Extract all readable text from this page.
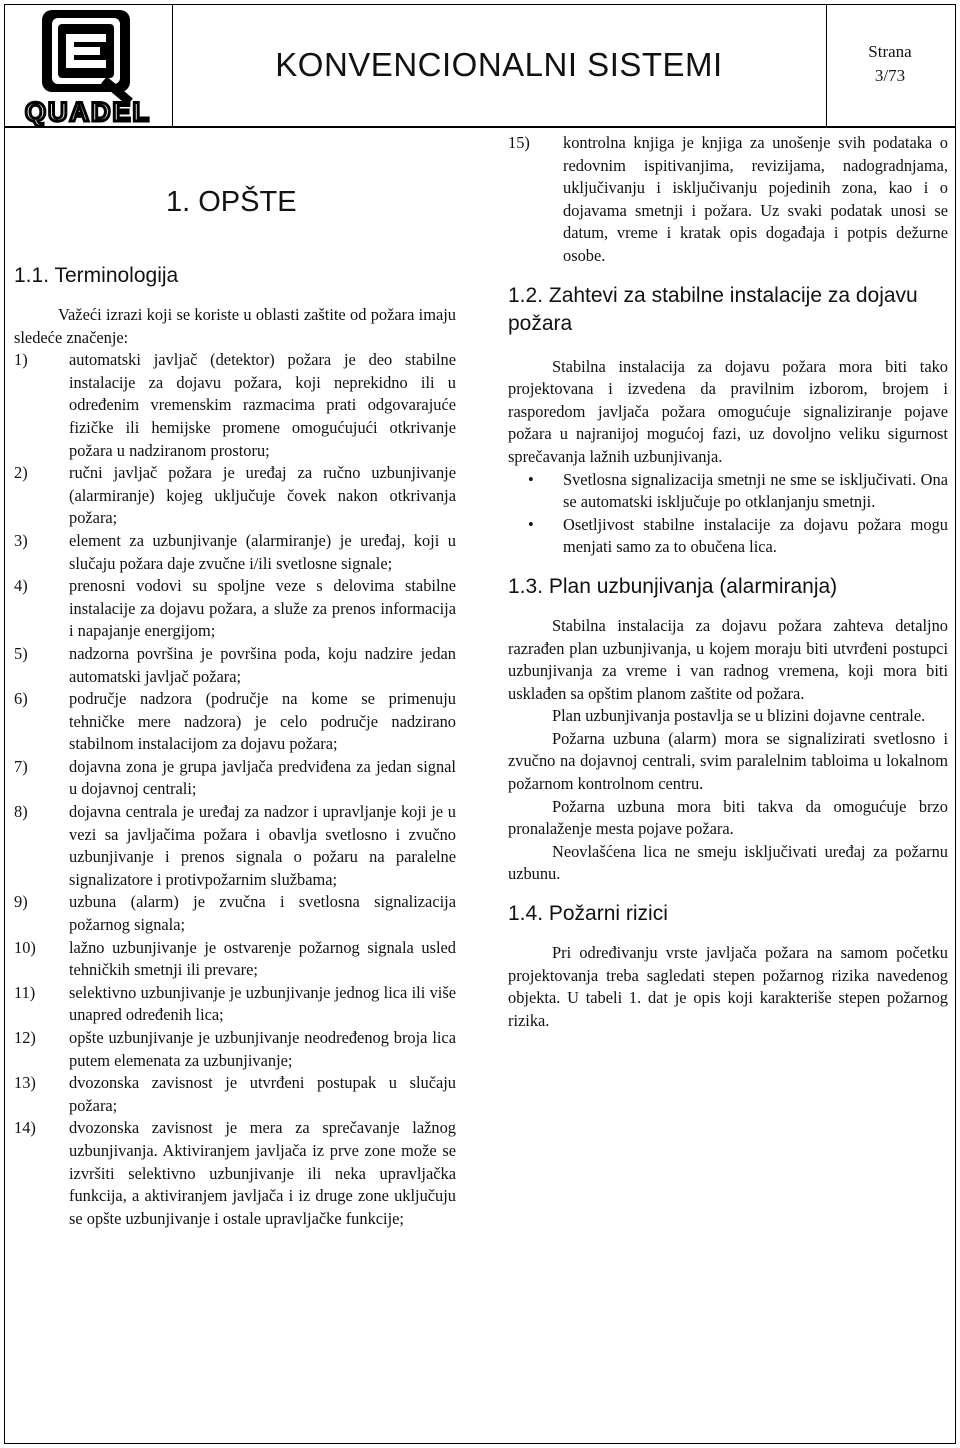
QUADEL
KONVENCIONALNI SISTEMI	Strana
3/73
1. OPŠTE
1.1. Terminologija
Važeći izrazi koji se koriste u oblasti zaštite od požara imaju sledeće značenje:
1)	automatski javljač (detektor) požara je deo stabilne instalacije za dojavu požara, koji neprekidno ili u određenim vremenskim razmacima prati odgovarajuće fizičke ili hemijske promene omogućujući otkrivanje požara u nadziranom prostoru;
2)	ručni javljač požara je uređaj za ručno uzbunjivanje (alarmiranje) kojeg uključuje čovek nakon otkrivanja požara;
3)	element za uzbunjivanje (alarmiranje) je uređaj, koji u slučaju požara daje zvučne i/ili svetlosne signale;
4)	prenosni vodovi su spoljne veze s delovima stabilne instalacije za dojavu požara, a služe za prenos informacija i napajanje energijom;
5)	nadzorna površina je površina poda, koju nadzire jedan automatski javljač požara;
6)	područje nadzora (područje na kome se primenuju tehničke mere nadzora) je celo područje nadzirano stabilnom instalacijom za dojavu požara;
7)	dojavna zona je grupa javljača predviđena za jedan signal u dojavnoj centrali;
8)	dojavna centrala je uređaj za nadzor i upravljanje koji je u vezi sa javljačima požara i obavlja svetlosno i zvučno uzbunjivanje i prenos signala o požaru na paralelne signalizatore i protivpožarnim službama;
9)	uzbuna (alarm) je zvučna i svetlosna signalizacija požarnog signala;
10) lažno uzbunjivanje je ostvarenje požarnog signala usled tehničkih smetnji ili prevare;
11) selektivno uzbunjivanje je uzbunjivanje jednog lica ili više unapred određenih lica;
12) opšte uzbunjivanje je uzbunjivanje neodređenog broja lica putem elemenata za uzbunjivanje;
13) dvozonska zavisnost je utvrđeni postupak u slučaju požara;
14) dvozonska zavisnost je mera za sprečavanje lažnog uzbunjivanja. Aktiviranjem javljača iz prve zone može se izvršiti selektivno uzbunjivanje ili neka upravljačka funkcija, a aktiviranjem javljača i iz druge zone uključuju se opšte uzbunjivanje i ostale upravljačke funkcije;
15) kontrolna knjiga je knjiga za unošenje svih podataka o redovnim ispitivanjima, revizijama, nadogradnjama, uključivanju i isključivanju pojedinih zona, kao i o dojavama smetnji i požara. Uz svaki podatak unosi se datum, vreme i kratak opis događaja i potpis dežurne osobe.
1.2. Zahtevi za stabilne instalacije za dojavu požara
Stabilna instalacija za dojavu požara mora biti tako projektovana i izvedena da pravilnim izborom, brojem i rasporedom javljača požara omogućuje signaliziranje pojave požara u najranijoj mogućoj fazi, uz dovoljno veliku sigurnost sprečavanja lažnih uzbunjivanja.
• Svetlosna signalizacija smetnji ne sme se isključivati. Ona se automatski isključuje po otklanjanju smetnji.
• Osetljivost stabilne instalacije za dojavu požara mogu menjati samo za to obučena lica.
1.3. Plan uzbunjivanja (alarmiranja)
Stabilna instalacija za dojavu požara zahteva detaljno razrađen plan uzbunjivanja, u kojem moraju biti utvrđeni postupci uzbunjivanja za vreme i van radnog vremena, koji mora biti usklađen sa opštim planom zaštite od požara.
Plan uzbunjivanja postavlja se u blizini dojavne centrale.
Požarna uzbuna (alarm) mora se signalizirati svetlosno i zvučno na dojavnoj centrali, svim paralelnim tabloima u lokalnom požarnom kontrolnom centru.
Požarna uzbuna mora biti takva da omogućuje brzo pronalaženje mesta pojave požara.
Neovlašćena lica ne smeju isključivati uređaj za požarnu uzbunu.
1.4. Požarni rizici
Pri određivanju vrste javljača požara na samom početku projektovanja treba sagledati stepen požarnog rizika navedenog objekta. U tabeli 1. dat je opis koji karakteriše stepen požarnog rizika.
